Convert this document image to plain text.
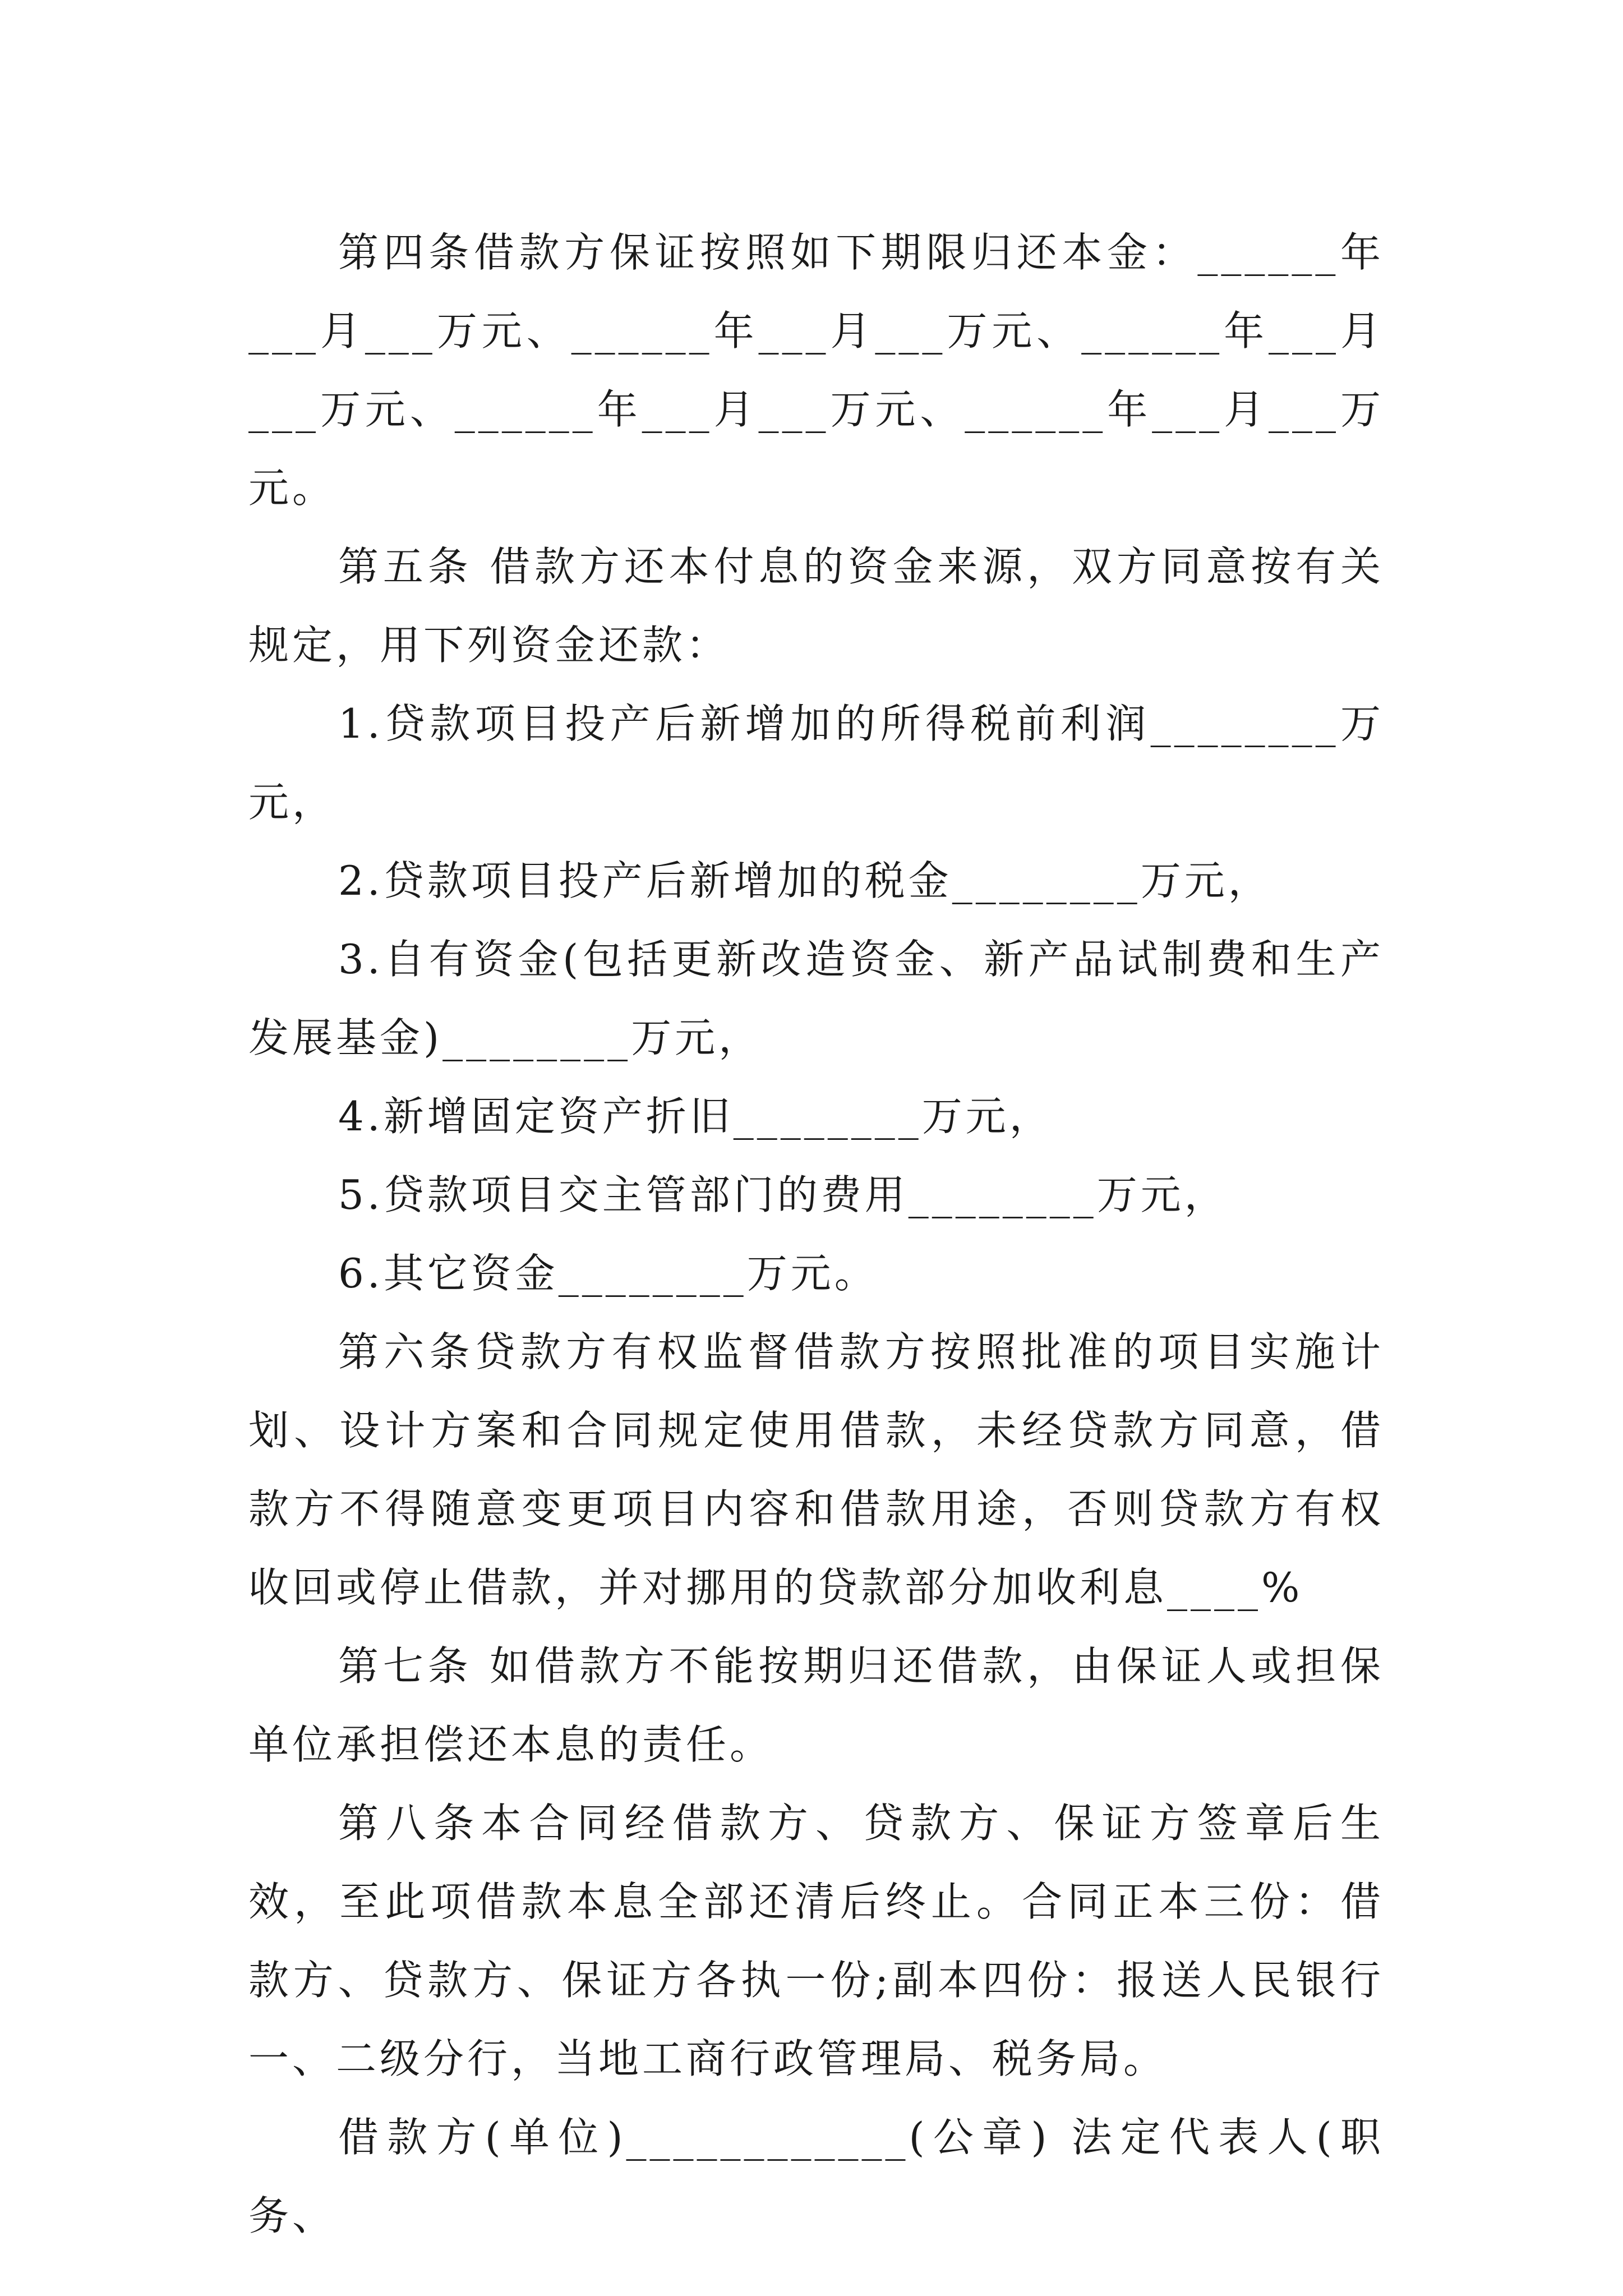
第四条借款方保证按照如下期限归还本金：______年___月___万元、______年___月___万元、______年___月___万元、______年___月___万元、______年___月___万元。

第五条 借款方还本付息的资金来源，双方同意按有关规定，用下列资金还款：

1.贷款项目投产后新增加的所得税前利润________万元，

2.贷款项目投产后新增加的税金________万元，

3.自有资金(包括更新改造资金、新产品试制费和生产发展基金)________万元，

4.新增固定资产折旧________万元，

5.贷款项目交主管部门的费用________万元，

6.其它资金________万元。

第六条贷款方有权监督借款方按照批准的项目实施计划、设计方案和合同规定使用借款，未经贷款方同意，借款方不得随意变更项目内容和借款用途，否则贷款方有权收回或停止借款，并对挪用的贷款部分加收利息____%

第七条 如借款方不能按期归还借款，由保证人或担保单位承担偿还本息的责任。

第八条本合同经借款方、贷款方、保证方签章后生效，至此项借款本息全部还清后终止。合同正本三份：借款方、贷款方、保证方各执一份;副本四份：报送人民银行一、二级分行，当地工商行政管理局、税务局。

借款方(单位)____________(公章) 法定代表人(职务、
